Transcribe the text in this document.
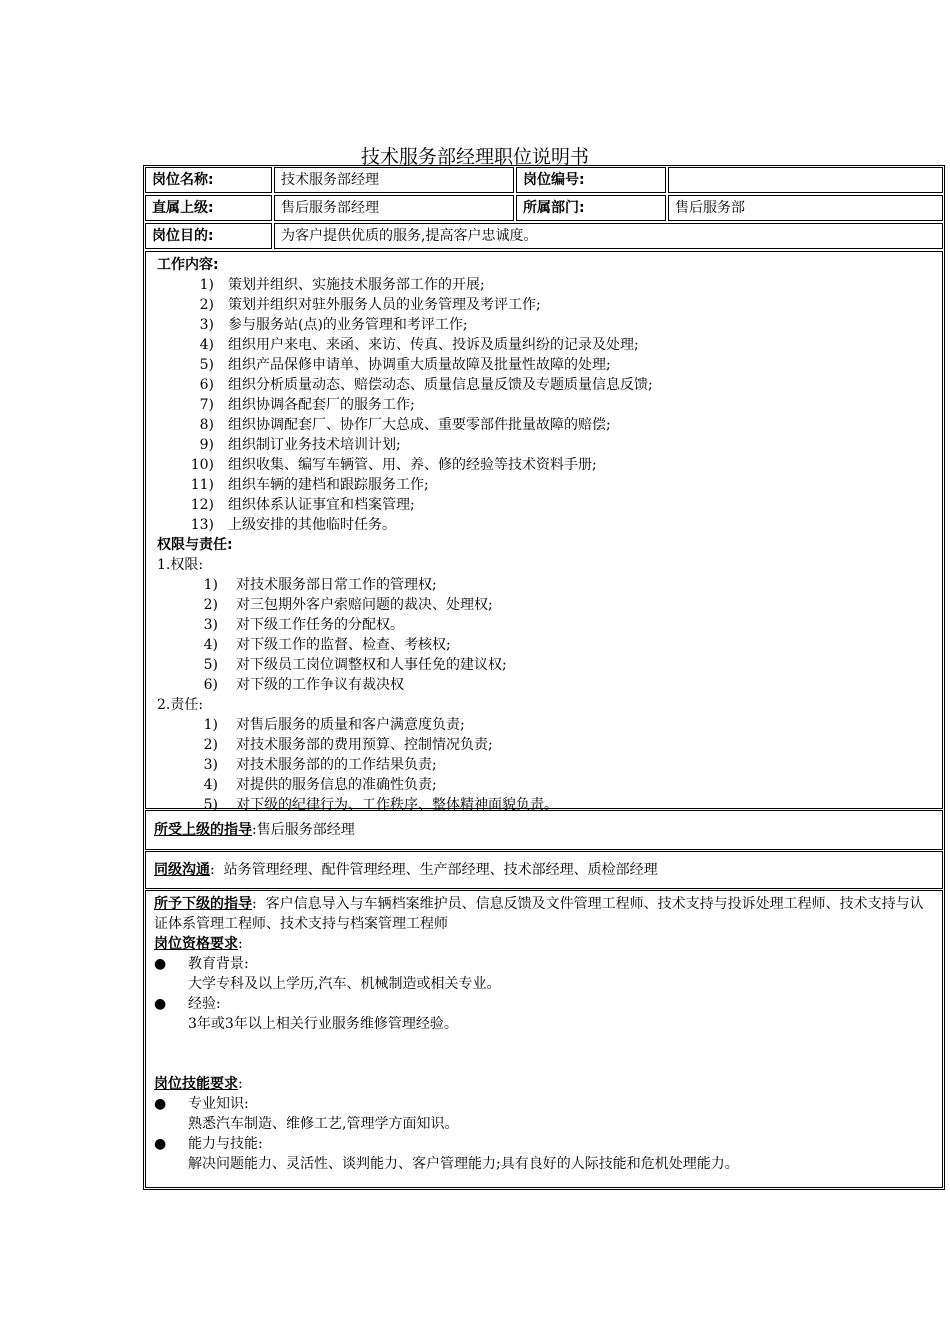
技术服务部经理职位说明书
岗位名称:	技术服务部经理	岗位编号:
直属上级:	售后服务部经理	所属部门:	售后服务部
岗位目的:	为客户提供优质的服务,提高客户忠诚度。
工作内容:
1)	策划并组织、实施技术服务部工作的开展;
2)	策划并组织对驻外服务人员的业务管理及考评工作;
3)	参与服务站(点)的业务管理和考评工作;
4)	组织用户来电、来函、来访、传真、投诉及质量纠纷的记录及处理;
5)	组织产品保修申请单、协调重大质量故障及批量性故障的处理;
6)	组织分析质量动态、赔偿动态、质量信息量反馈及专题质量信息反馈;
7)	组织协调各配套厂的服务工作;
8)	组织协调配套厂、协作厂大总成、重要零部件批量故障的赔偿;
9)	组织制订业务技术培训计划;
10)	组织收集、编写车辆管、用、养、修的经验等技术资料手册;
11)	组织车辆的建档和跟踪服务工作;
12)	组织体系认证事宜和档案管理;
13)	上级安排的其他临时任务。
权限与责任:
1.权限:
1)	对技术服务部日常工作的管理权;
2)	对三包期外客户索赔问题的裁决、处理权;
3)	对下级工作任务的分配权。
4)	对下级工作的监督、检查、考核权;
5)	对下级员工岗位调整权和人事任免的建议权;
6)	对下级的工作争议有裁决权
2.责任:
1)	对售后服务的质量和客户满意度负责;
2)	对技术服务部的费用预算、控制情况负责;
3)	对技术服务部的的工作结果负责;
4)	对提供的服务信息的准确性负责;
5)	对下级的纪律行为、工作秩序、整体精神面貌负责。
所受上级的指导:售后服务部经理
同级沟通: 站务管理经理、配件管理经理、生产部经理、技术部经理、质检部经理
所予下级的指导: 客户信息导入与车辆档案维护员、信息反馈及文件管理工程师、技术支持与投诉处理工程师、技术支持与认证体系管理工程师、技术支持与档案管理工程师
岗位资格要求:
●	教育背景:
大学专科及以上学历,汽车、机械制造或相关专业。
●	经验:
3年或3年以上相关行业服务维修管理经验。
岗位技能要求:
●	专业知识:
熟悉汽车制造、维修工艺,管理学方面知识。
●	能力与技能:
解决问题能力、灵活性、谈判能力、客户管理能力;具有良好的人际技能和危机处理能力。
